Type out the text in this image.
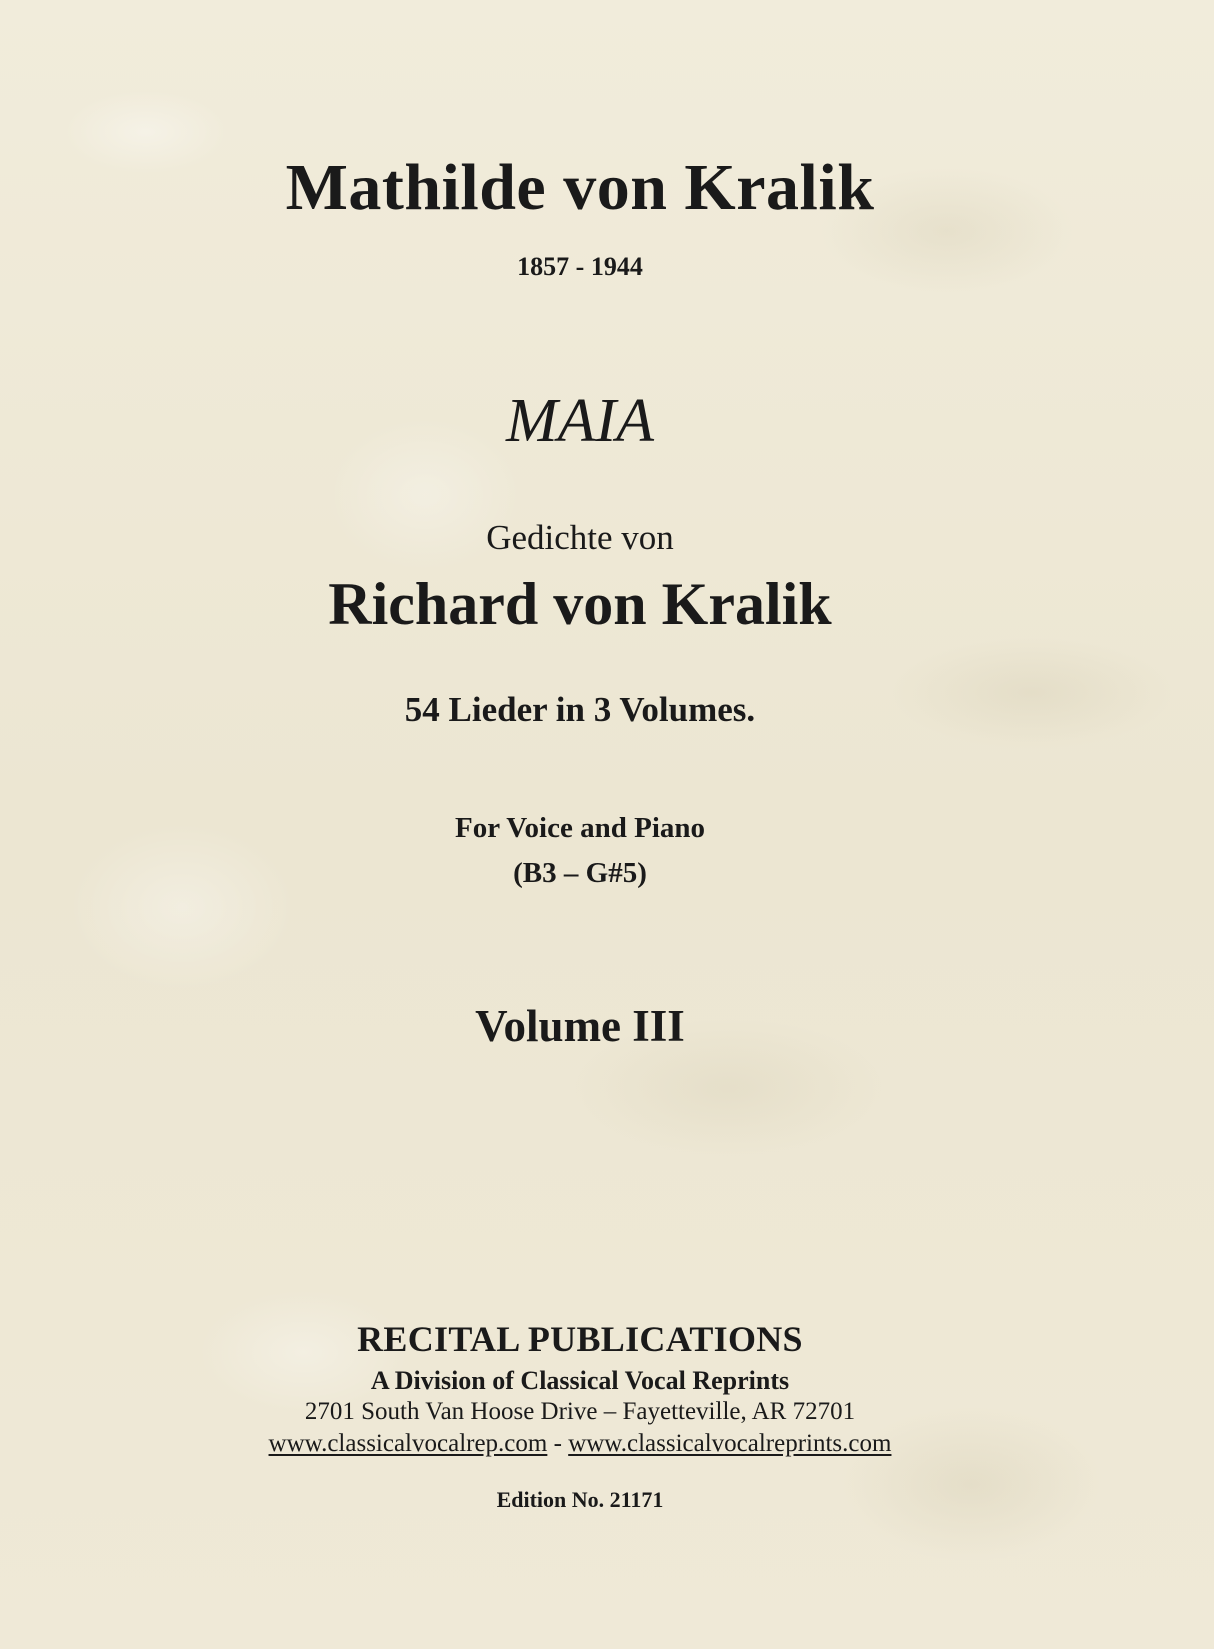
Mathilde von Kralik
1857 - 1944
MAIA
Gedichte von
Richard von Kralik
54 Lieder in 3 Volumes.
For Voice and Piano
(B3 – G#5)
Volume III
RECITAL PUBLICATIONS
A Division of Classical Vocal Reprints
2701 South Van Hoose Drive – Fayetteville, AR 72701
www.classicalvocalrep.com - www.classicalvocalreprints.com
Edition No. 21171
